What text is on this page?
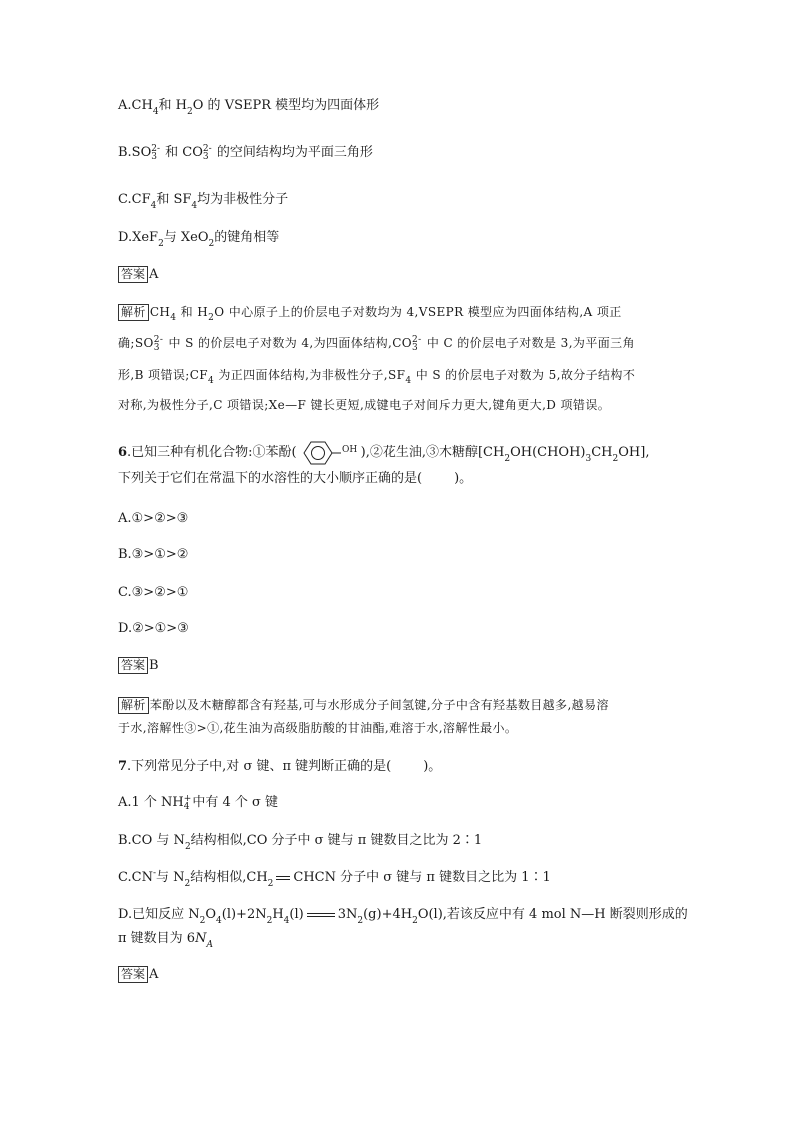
$A.CH_4$和 $H_2O$ 的 VSEPR 模型均为四面体形
B.SO 2-
3 和 CO 2-
3 的空间结构均为平面三角形
$C.CF_4$和 $SF_4$均为非极性分子
D.XeF$_2$与 XeO$_2$的键角相等
答案 A
解析 $CH_4$ 和 $H_2O$ 中心原子上的价层电子对数均为 4,VSEPR 模型应为四面体结构,A 项正
确;SO 2-
3 中 S 的价层电子对数为 4,为四面体结构,CO 2-
3 中 C 的价层电子对数是 3,为平面三角
形,B 项错误$;CF_4$ 为正四面体结构,为非极性分子$,SF_4$ 中 S 的价层电子对数为 5,故分子结构不
对称,为极性分子,C 项错误;Xe—F 键长更短,成键电子对间斥力更大,键角更大,D 项错误。
6.已知三种有机化合物:①苯酚(	OH ),②花生油,③木糖醇$[CH_2OH(CHOH)_3CH_2OH]$,
下列关于它们在常温下的水溶性的大小顺序正确的是( )。
A.①>②>③
B.③>①>②
C.③>②>①
D.②>①>③
答案 B
解析 苯酚以及木糖醇都含有羟基,可与水形成分子间氢键,分子中含有羟基数目越多,越易溶
于水,溶解性③>①,花生油为高级脂肪酸的甘油酯,难溶于水,溶解性最小。
7.下列常见分子中,对 σ 键、π 键判断正确的是( )。
A.1 个 NH +
4 中有 4 个 σ 键
B.CO 与 $N_2$结构相似,CO 分子中 σ 键与 π 键数目之比为 2∶1
C.CN-与 $N_2$结构相似$,CH_2$ CHCN 分子中 σ 键与 π 键数目之比为 1∶1
D.已知反应 $N_2O_4(l)+2N_2H_4(l)$	$3N_2(g)+4H_2O(l)$,若该反应中有 4 mol N—H 断裂则形成的
π 键数目为 $6N_A$
答案 A
